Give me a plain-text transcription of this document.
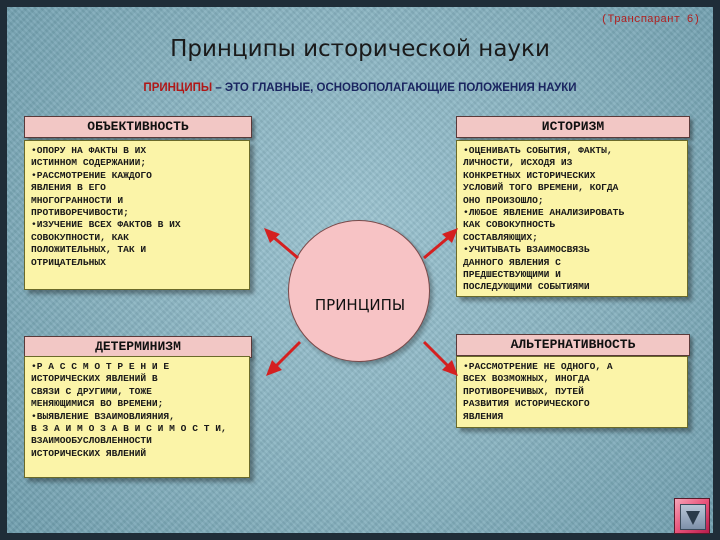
(Транспарант 6)
Принципы исторической науки
ПРИНЦИПЫ – ЭТО ГЛАВНЫЕ, ОСНОВОПОЛАГАЮЩИЕ ПОЛОЖЕНИЯ НАУКИ
ОБЪЕКТИВНОСТЬ
•ОПОРУ НА ФАКТЫ В ИХ
ИСТИННОМ СОДЕРЖАНИИ;
•РАССМОТРЕНИЕ КАЖДОГО
ЯВЛЕНИЯ В ЕГО
МНОГОГРАННОСТИ И
ПРОТИВОРЕЧИВОСТИ;
•ИЗУЧЕНИЕ ВСЕХ ФАКТОВ В ИХ
СОВОКУПНОСТИ, КАК
ПОЛОЖИТЕЛЬНЫХ, ТАК И
ОТРИЦАТЕЛЬНЫХ
ИСТОРИЗМ
•ОЦЕНИВАТЬ СОБЫТИЯ, ФАКТЫ,
ЛИЧНОСТИ, ИСХОДЯ ИЗ
КОНКРЕТНЫХ ИСТОРИЧЕСКИХ
УСЛОВИЙ ТОГО ВРЕМЕНИ, КОГДА
ОНО ПРОИЗОШЛО;
•ЛЮБОЕ ЯВЛЕНИЕ АНАЛИЗИРОВАТЬ
КАК СОВОКУПНОСТЬ
СОСТАВЛЯЮЩИХ;
•УЧИТЫВАТЬ ВЗАИМОСВЯЗЬ
ДАННОГО ЯВЛЕНИЯ С
ПРЕДШЕСТВУЮЩИМИ И
ПОСЛЕДУЮЩИМИ СОБЫТИЯМИ
ДЕТЕРМИНИЗМ
•Р А С С М О Т Р Е Н И Е
ИСТОРИЧЕСКИХ ЯВЛЕНИЙ В
СВЯЗИ С ДРУГИМИ, ТОЖЕ
МЕНЯЮЩИМИСЯ ВО ВРЕМЕНИ;
•ВЫЯВЛЕНИЕ ВЗАИМОВЛИЯНИЯ,
В З А И М О З А В И С И М О С Т И,
ВЗАИМООБУСЛОВЛЕННОСТИ
ИСТОРИЧЕСКИХ ЯВЛЕНИЙ
АЛЬТЕРНАТИВНОСТЬ
•РАССМОТРЕНИЕ НЕ ОДНОГО, А
ВСЕХ ВОЗМОЖНЫХ, ИНОГДА
ПРОТИВОРЕЧИВЫХ, ПУТЕЙ
РАЗВИТИЯ ИСТОРИЧЕСКОГО
ЯВЛЕНИЯ
ПРИНЦИПЫ
